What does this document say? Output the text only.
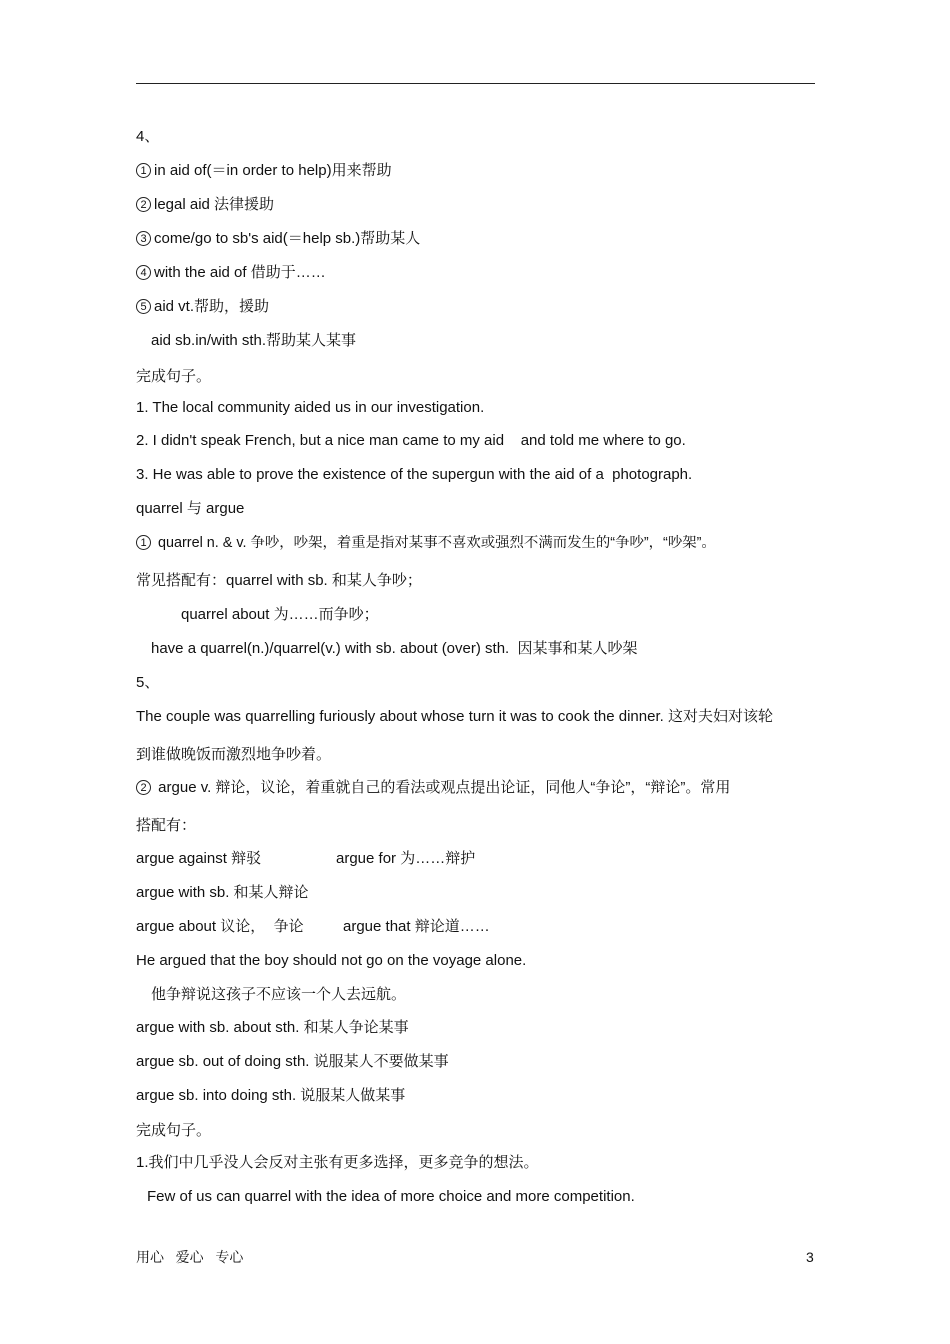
4、
1 in aid of(＝in order to help)用来帮助
2 legal aid 法律援助
3 come/go to sb's aid(＝help sb.)帮助某人
4 with the aid of 借助于……
5 aid vt.帮助，援助
aid sb.in/with sth.帮助某人某事
完成句子。
1. The local community aided us in our investigation.
2. I didn't speak French, but a nice man came to my aid    and told me where to go.
3. He was able to prove the existence of the supergun with the aid of a  photograph.
quarrel 与 argue
1 quarrel n. & v. 争吵，吵架，着重是指对某事不喜欢或强烈不满而发生的“争吵”，“吵架”。
常见搭配有：quarrel with sb. 和某人争吵；
quarrel about 为……而争吵；
have a quarrel(n.)/quarrel(v.) with sb. about (over) sth.  因某事和某人吵架
5、
The couple was quarrelling furiously about whose turn it was to cook the dinner. 这对夫妇对该轮
到谁做晚饭而激烈地争吵着。
2 argue v. 辩论，议论，着重就自己的看法或观点提出论证，同他人“争论”，“辩论”。常用
搭配有：
argue against 辩驳	argue for 为……辩护
argue with sb. 和某人辩论
argue about 议论，  争论	argue that 辩论道……
He argued that the boy should not go on the voyage alone.
他争辩说这孩子不应该一个人去远航。
argue with sb. about sth. 和某人争论某事
argue sb. out of doing sth. 说服某人不要做某事
argue sb. into doing sth. 说服某人做某事
完成句子。
1.我们中几乎没人会反对主张有更多选择，更多竞争的想法。
Few of us can quarrel with the idea of more choice and more competition.
用心   爱心   专心	3
